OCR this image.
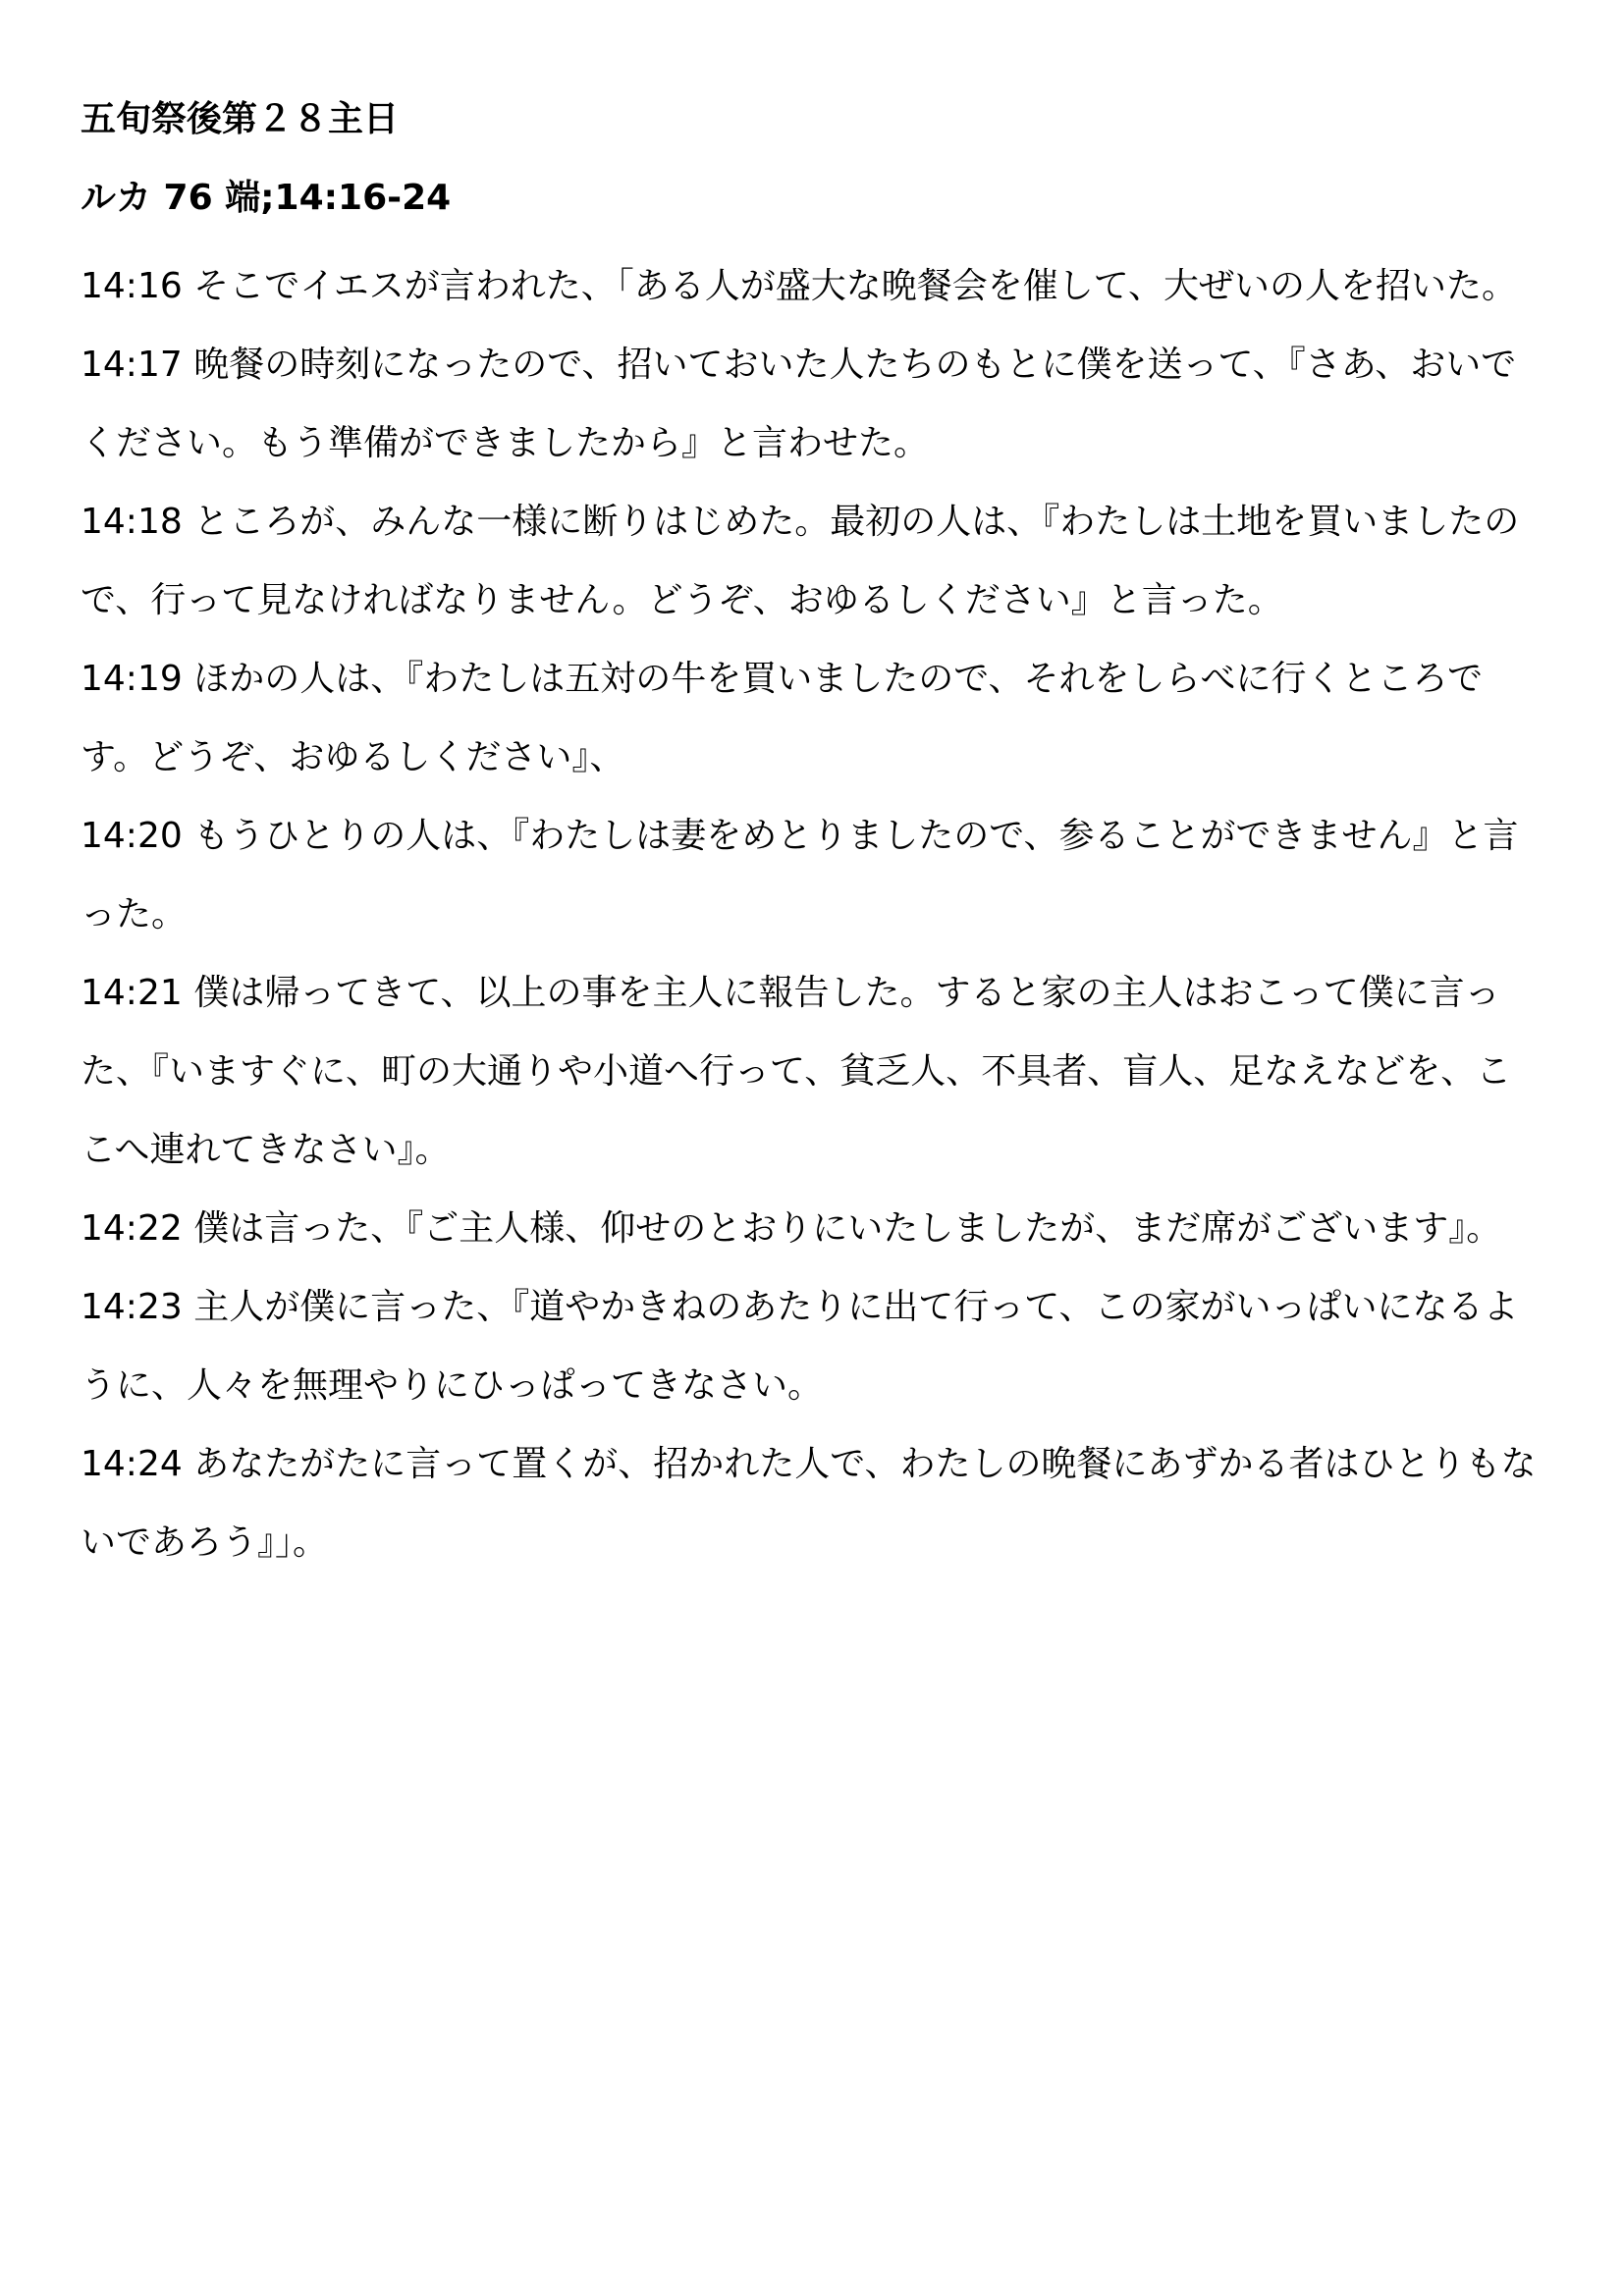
五旬祭後第２８主日
ルカ 76 端;14:16-24
14:16 そこでイエスが言われた、「ある人が盛大な晩餐会を催して、大ぜいの人を招いた。
14:17 晩餐の時刻になったので、招いておいた人たちのもとに僕を送って、『さあ、おいで
ください。もう準備ができましたから』と言わせた。
14:18 ところが、みんな一様に断りはじめた。最初の人は、『わたしは土地を買いましたの
で、行って見なければなりません。どうぞ、おゆるしください』と言った。
14:19 ほかの人は、『わたしは五対の牛を買いましたので、それをしらべに行くところで
す。どうぞ、おゆるしください』、
14:20 もうひとりの人は、『わたしは妻をめとりましたので、参ることができません』と言
った。
14:21 僕は帰ってきて、以上の事を主人に報告した。すると家の主人はおこって僕に言っ
た、『いますぐに、町の大通りや小道へ行って、貧乏人、不具者、盲人、足なえなどを、こ
こへ連れてきなさい』。
14:22 僕は言った、『ご主人様、仰せのとおりにいたしましたが、まだ席がございます』。
14:23 主人が僕に言った、『道やかきねのあたりに出て行って、この家がいっぱいになるよ
うに、人々を無理やりにひっぱってきなさい。
14:24 あなたがたに言って置くが、招かれた人で、わたしの晩餐にあずかる者はひとりもな
いであろう』」。
